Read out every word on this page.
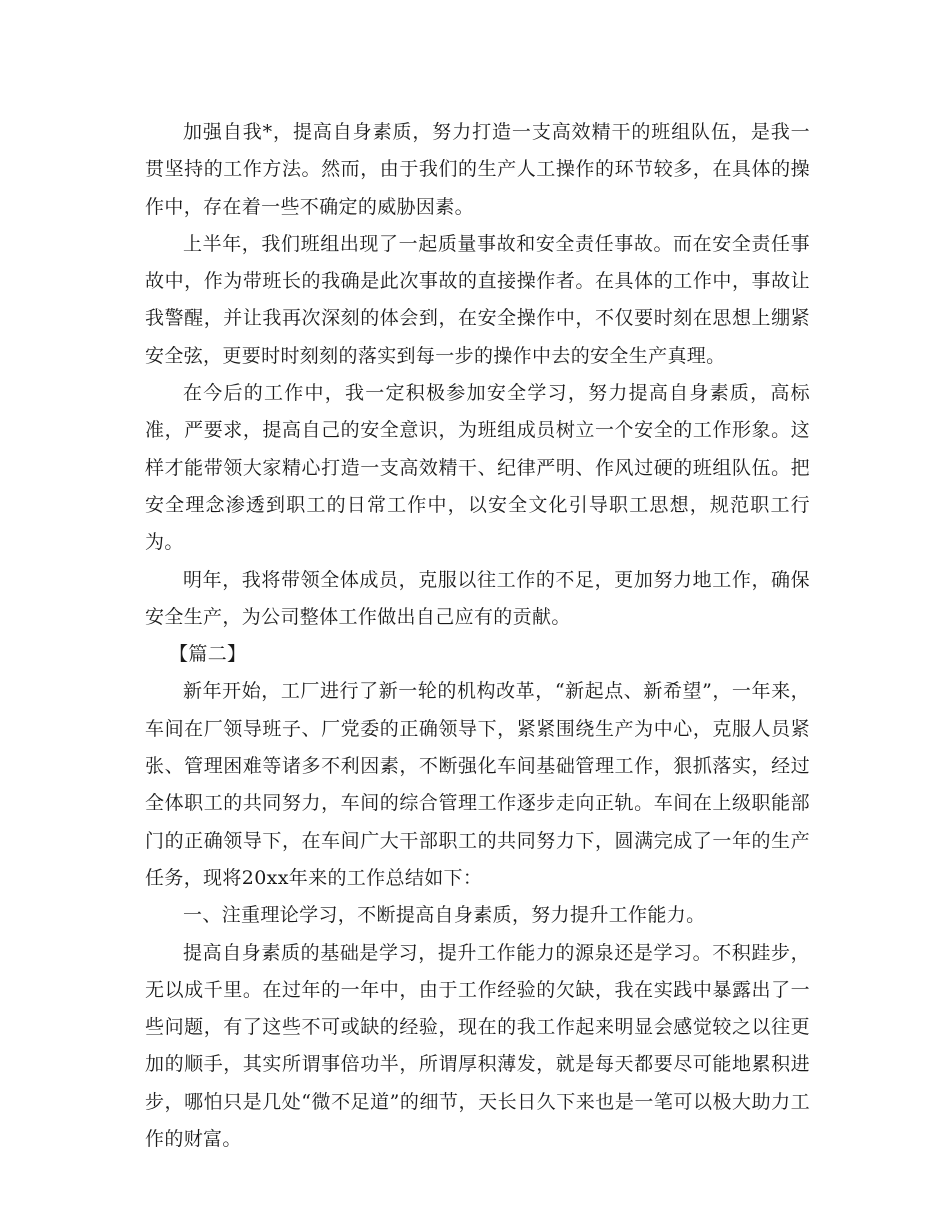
加强自我*，提高自身素质，努力打造一支高效精干的班组队伍，是我一贯坚持的工作方法。然而，由于我们的生产人工操作的环节较多，在具体的操作中，存在着一些不确定的威胁因素。

上半年，我们班组出现了一起质量事故和安全责任事故。而在安全责任事故中，作为带班长的我确是此次事故的直接操作者。在具体的工作中，事故让我警醒，并让我再次深刻的体会到，在安全操作中，不仅要时刻在思想上绷紧安全弦，更要时时刻刻的落实到每一步的操作中去的安全生产真理。

在今后的工作中，我一定积极参加安全学习，努力提高自身素质，高标准，严要求，提高自己的安全意识，为班组成员树立一个安全的工作形象。这样才能带领大家精心打造一支高效精干、纪律严明、作风过硬的班组队伍。把安全理念渗透到职工的日常工作中，以安全文化引导职工思想，规范职工行为。

明年，我将带领全体成员，克服以往工作的不足，更加努力地工作，确保安全生产，为公司整体工作做出自己应有的贡献。

【篇二】

新年开始，工厂进行了新一轮的机构改革，“新起点、新希望”，一年来，车间在厂领导班子、厂党委的正确领导下，紧紧围绕生产为中心，克服人员紧张、管理困难等诸多不利因素，不断强化车间基础管理工作，狠抓落实，经过全体职工的共同努力，车间的综合管理工作逐步走向正轨。车间在上级职能部门的正确领导下，在车间广大干部职工的共同努力下，圆满完成了一年的生产任务，现将20xx年来的工作总结如下：

一、注重理论学习，不断提高自身素质，努力提升工作能力。

提高自身素质的基础是学习，提升工作能力的源泉还是学习。不积跬步，无以成千里。在过年的一年中，由于工作经验的欠缺，我在实践中暴露出了一些问题，有了这些不可或缺的经验，现在的我工作起来明显会感觉较之以往更加的顺手，其实所谓事倍功半，所谓厚积薄发，就是每天都要尽可能地累积进步，哪怕只是几处“微不足道”的细节，天长日久下来也是一笔可以极大助力工作的财富。
